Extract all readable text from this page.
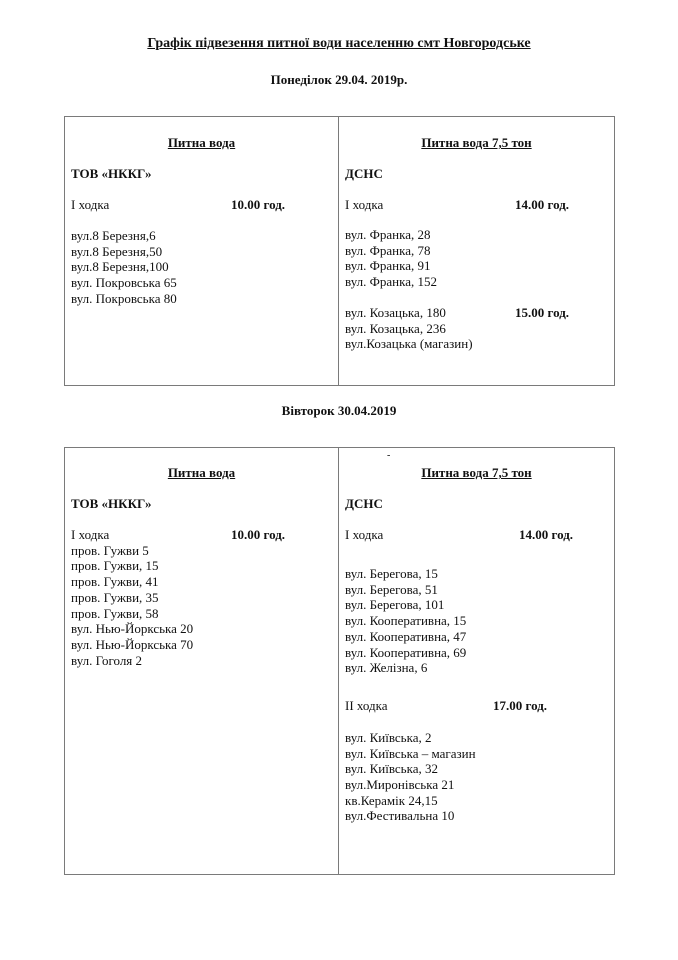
Графік підвезення питної води населенню смт Новгородське
Понеділок 29.04. 2019р.
Питна вода
ТОВ «НККГ»
І ходка	10.00 год.
вул.8 Березня,6
вул.8 Березня,50
вул.8 Березня,100
вул. Покровська 65
вул. Покровська 80
Питна вода 7,5 тон
ДСНС
І ходка	14.00 год.
вул. Франка, 28
вул. Франка, 78
вул. Франка, 91
вул. Франка, 152
вул. Козацька, 180	15.00 год.
вул. Козацька, 236
вул.Козацька (магазин)
Вівторок 30.04.2019
Питна вода
ТОВ «НККГ»
І ходка	10.00 год.
пров. Гужви 5
пров. Гужви, 15
пров. Гужви, 41
пров. Гужви, 35
пров. Гужви, 58
вул. Нью-Йоркська 20
вул. Нью-Йоркська 70
вул. Гоголя 2
-
Питна вода 7,5 тон
ДСНС
І ходка	14.00 год.
вул. Берегова, 15
вул. Берегова, 51
вул. Берегова, 101
вул. Кооперативна, 15
вул. Кооперативна, 47
вул. Кооперативна, 69
вул. Желізна, 6
ІІ ходка	17.00 год.
вул. Київська, 2
вул. Київська – магазин
вул. Київська, 32
вул.Миронівська 21
кв.Керамік 24,15
вул.Фестивальна 10
